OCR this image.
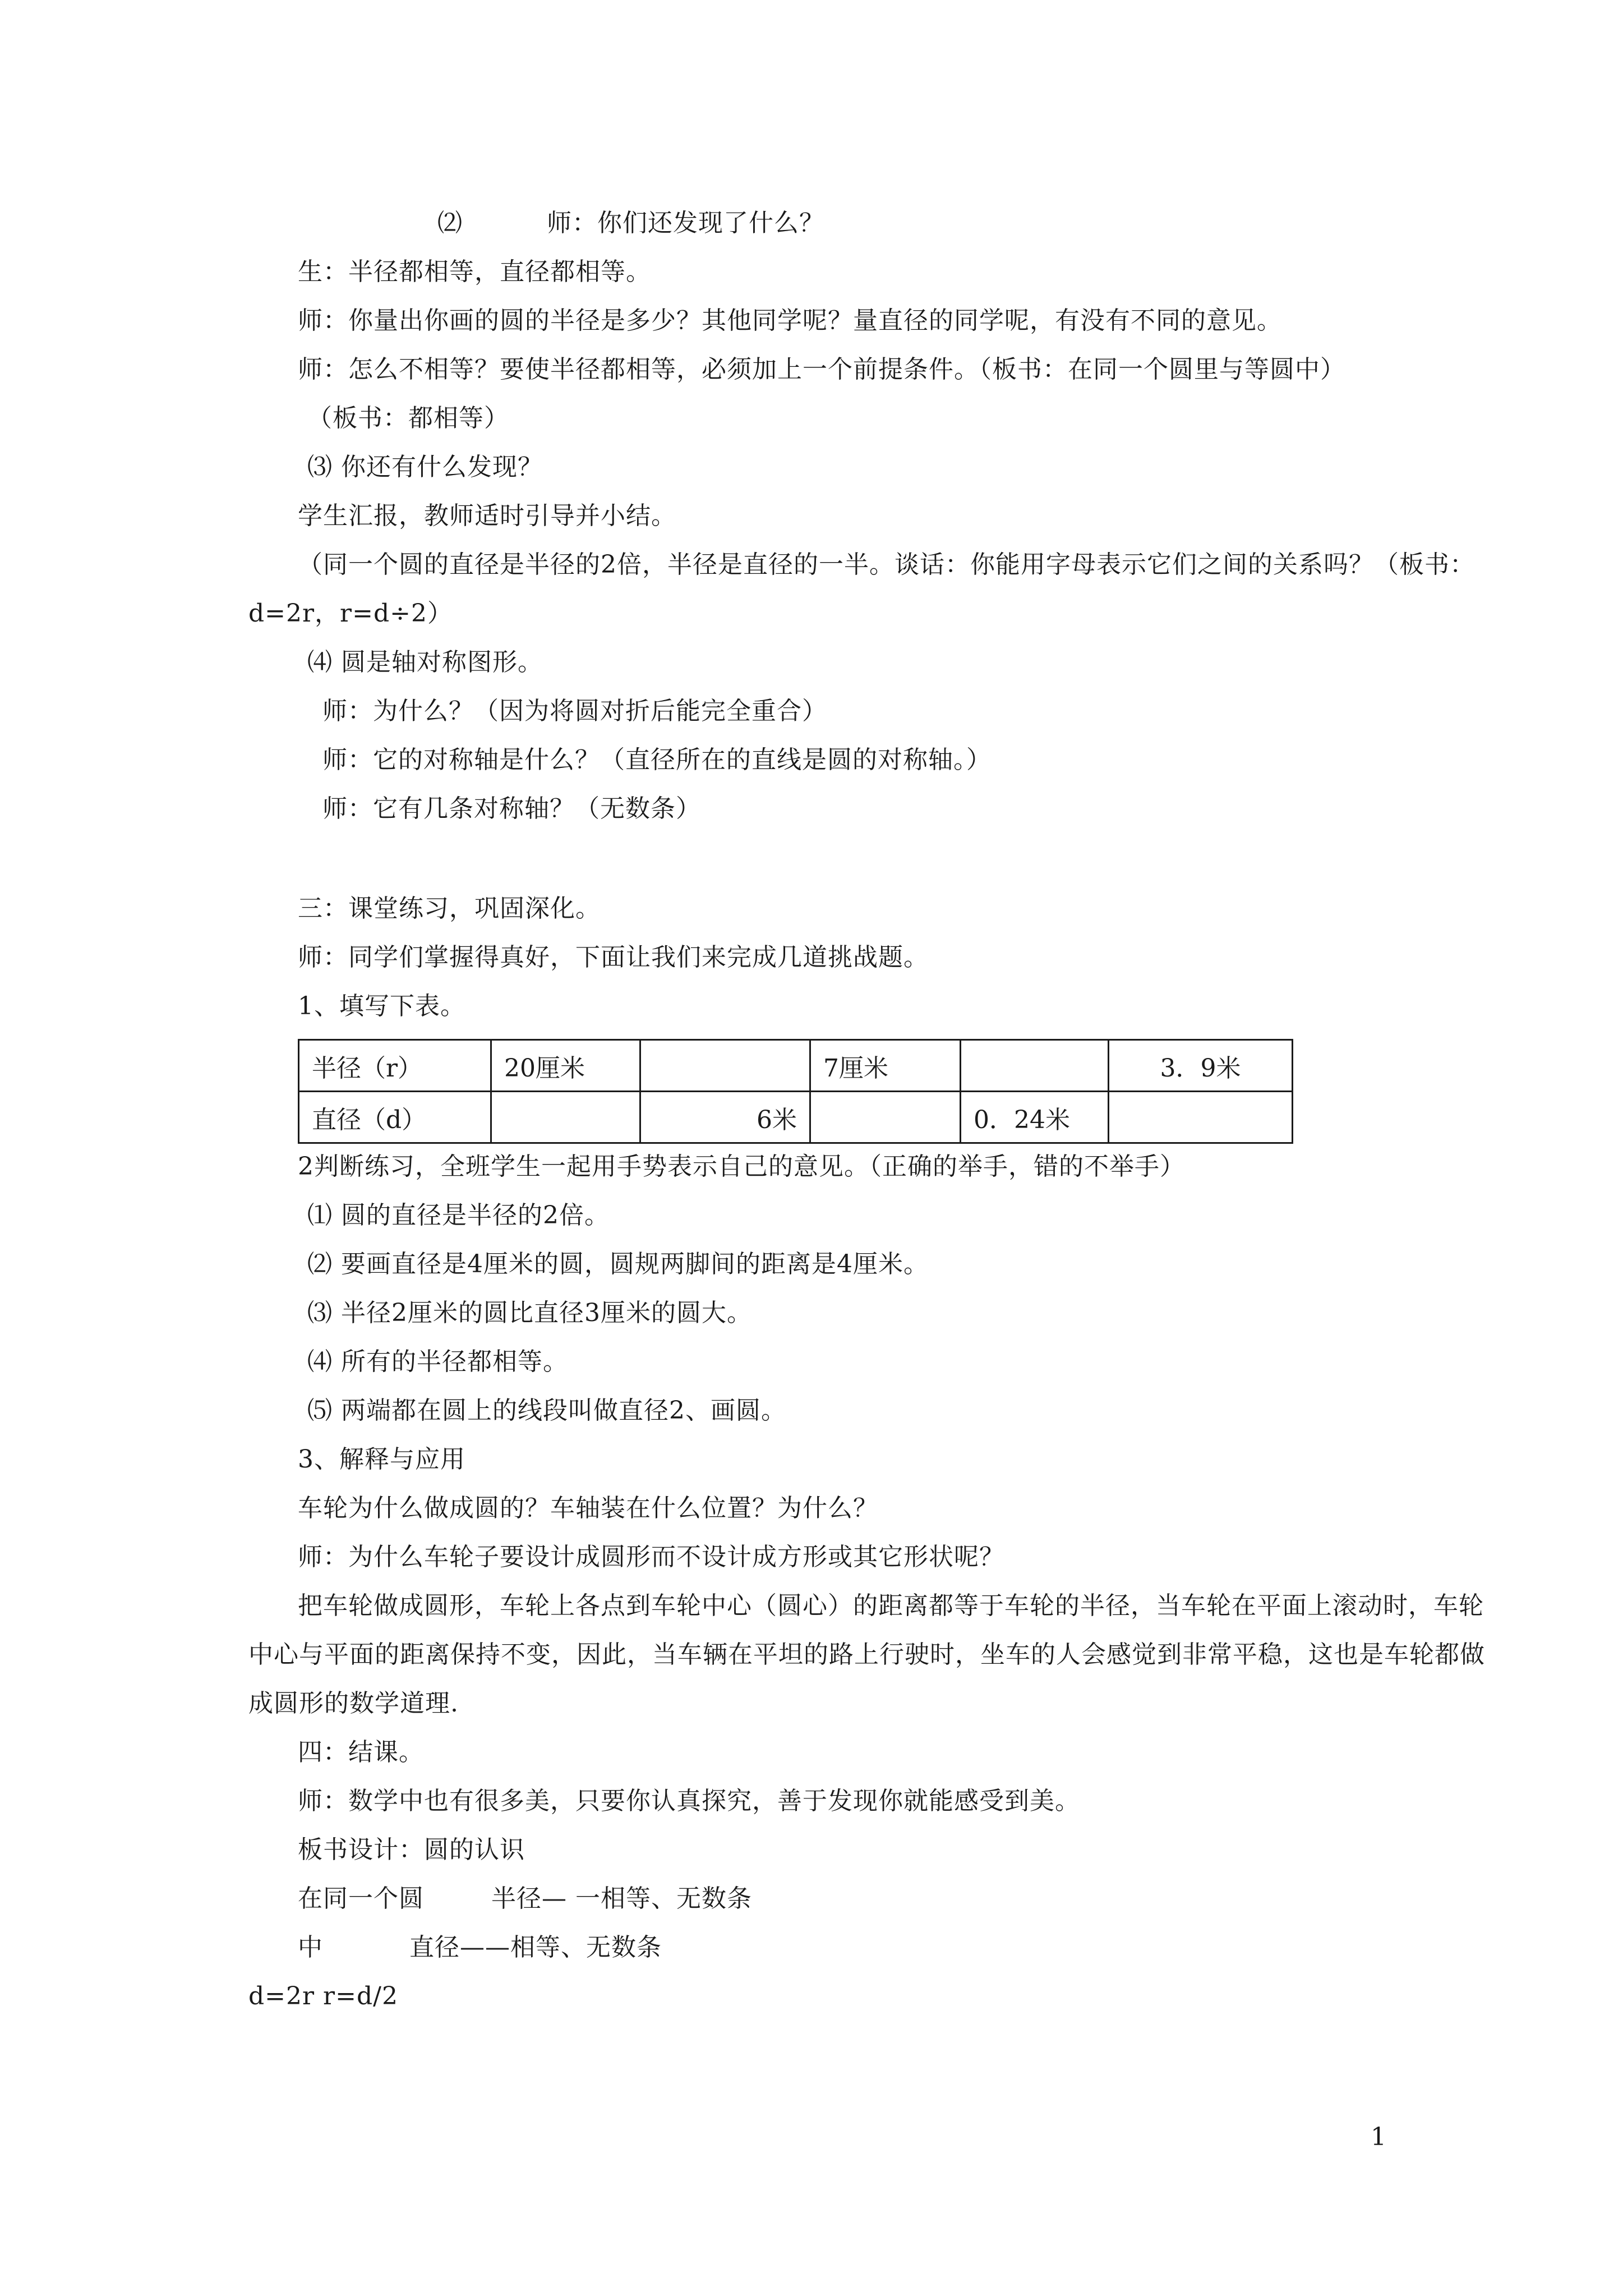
⑵	师：你们还发现了什么？
生：半径都相等，直径都相等。
师：你量出你画的圆的半径是多少？其他同学呢？量直径的同学呢，有没有不同的意见。
师：怎么不相等？要使半径都相等，必须加上一个前提条件。（板书：在同一个圆里与等圆中）
（板书：都相等）
⑶ 你还有什么发现？
学生汇报，教师适时引导并小结。
（同一个圆的直径是半径的2倍，半径是直径的一半。谈话：你能用字母表示它们之间的关系吗？（板书：
d=2r，r=d÷2）
⑷ 圆是轴对称图形。
师：为什么？（因为将圆对折后能完全重合）
师：它的对称轴是什么？（直径所在的直线是圆的对称轴。）
师：它有几条对称轴？（无数条）
三：课堂练习，巩固深化。
师：同学们掌握得真好，下面让我们来完成几道挑战题。
1、填写下表。
半径（r）	20厘米		7厘米		3．9米
直径（d）		6米		0．24米	
2判断练习，全班学生一起用手势表示自己的意见。（正确的举手，错的不举手）
⑴ 圆的直径是半径的2倍。
⑵ 要画直径是4厘米的圆，圆规两脚间的距离是4厘米。
⑶ 半径2厘米的圆比直径3厘米的圆大。
⑷ 所有的半径都相等。
⑸ 两端都在圆上的线段叫做直径2、画圆。
3、解释与应用
车轮为什么做成圆的？车轴装在什么位置？为什么？
师：为什么车轮子要设计成圆形而不设计成方形或其它形状呢？
把车轮做成圆形，车轮上各点到车轮中心（圆心）的距离都等于车轮的半径，当车轮在平面上滚动时，车轮
中心与平面的距离保持不变，因此，当车辆在平坦的路上行驶时，坐车的人会感觉到非常平稳，这也是车轮都做
成圆形的数学道理.
四：结课。
师：数学中也有很多美，只要你认真探究，善于发现你就能感受到美。
板书设计：圆的认识
在同一个圆	半径— 一相等、无数条
中	直径——相等、无数条
d=2r r=d/2
1
